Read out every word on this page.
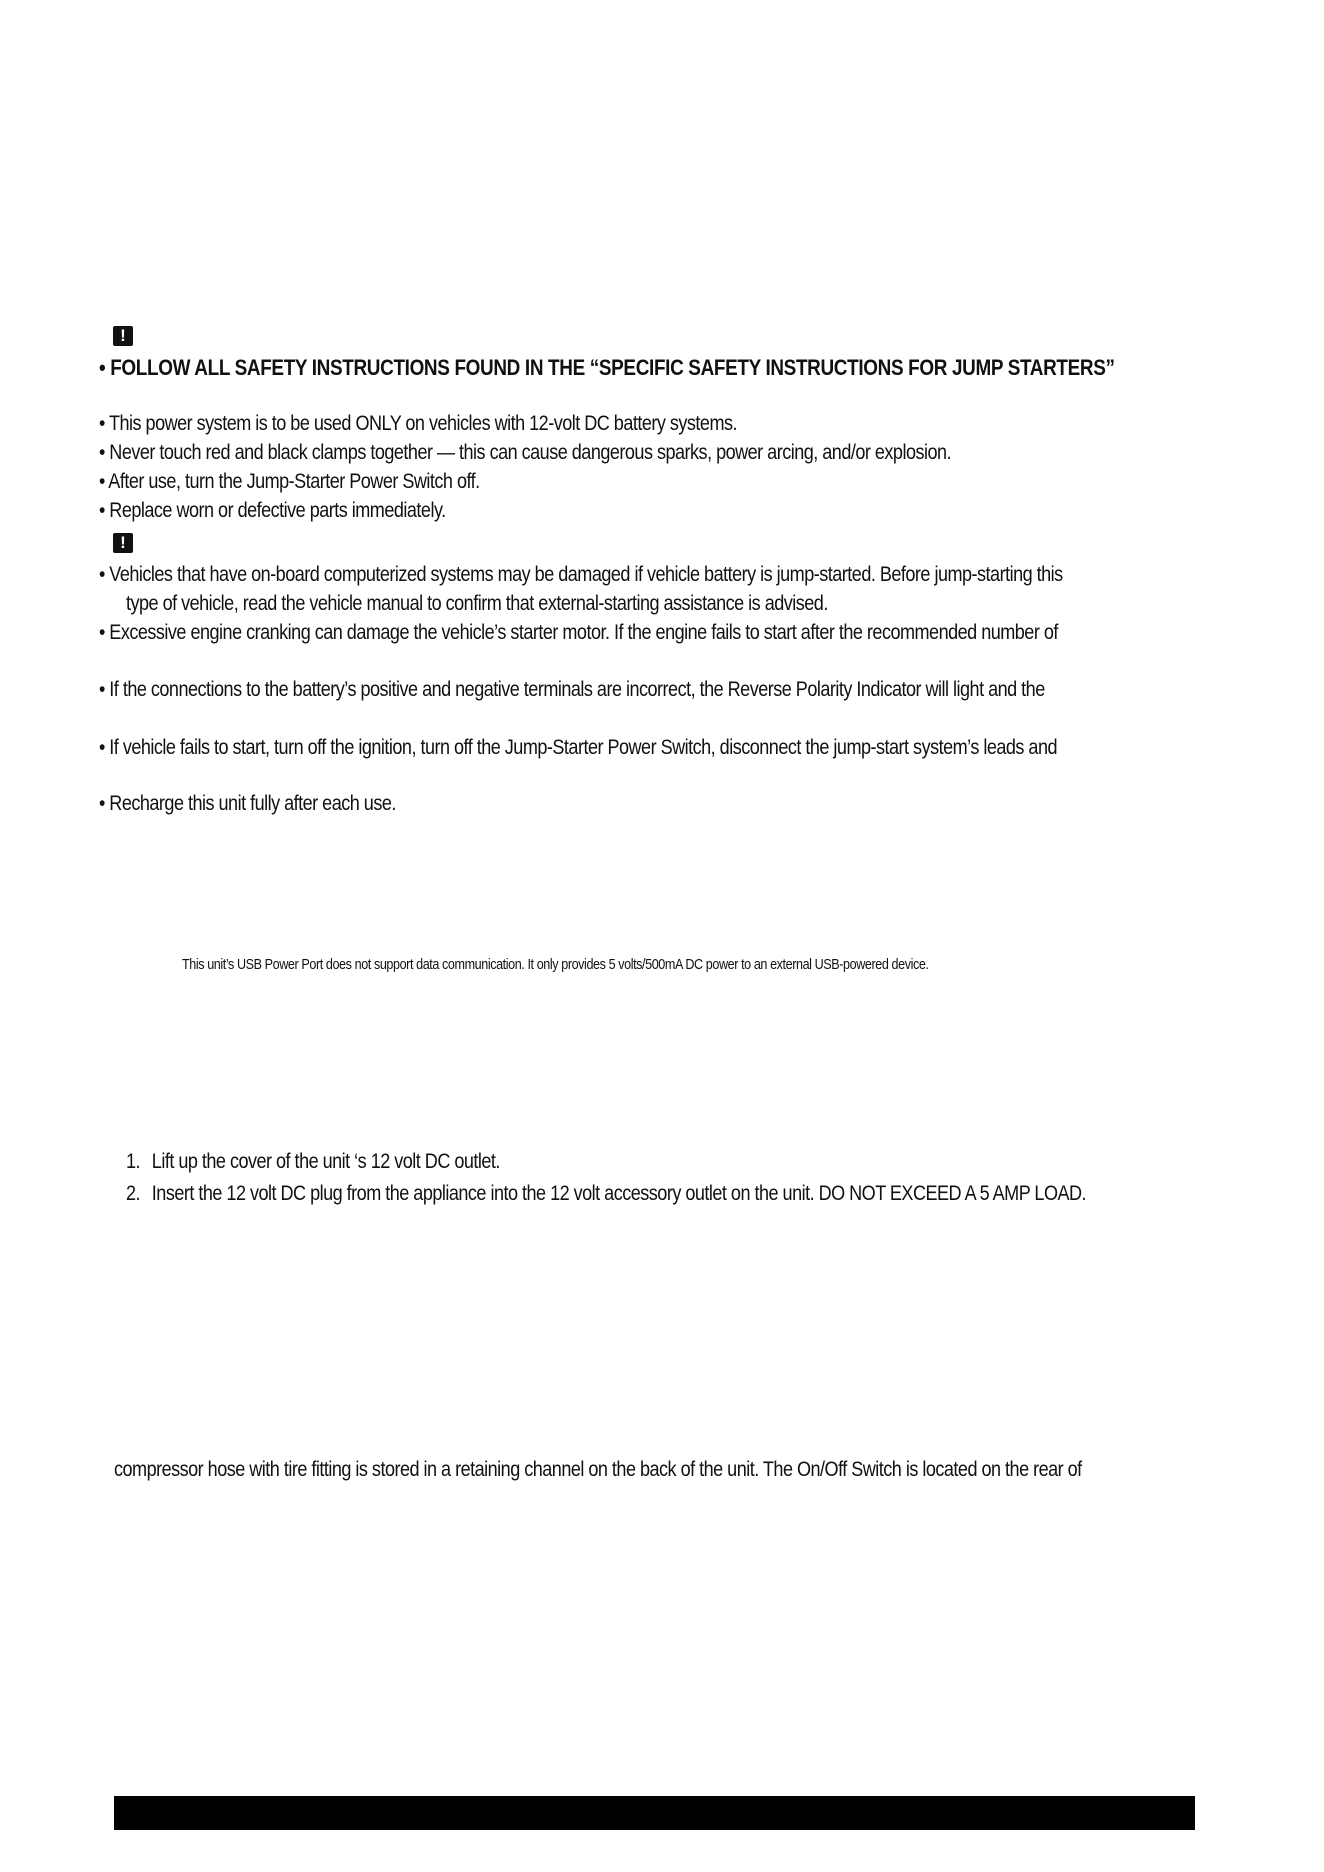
!
• FOLLOW ALL SAFETY INSTRUCTIONS FOUND IN THE “SPECIFIC SAFETY INSTRUCTIONS FOR JUMP STARTERS”
• This power system is to be used ONLY on vehicles with 12-volt DC battery systems.
• Never touch red and black clamps together — this can cause dangerous sparks, power arcing, and/or explosion.
• After use, turn the Jump-Starter Power Switch off.
• Replace worn or defective parts immediately.
!
• Vehicles that have on-board computerized systems may be damaged if vehicle battery is jump-started. Before jump-starting this
type of vehicle, read the vehicle manual to confirm that external-starting assistance is advised.
• Excessive engine cranking can damage the vehicle’s starter motor. If the engine fails to start after the recommended number of
• If the connections to the battery’s positive and negative terminals are incorrect, the Reverse Polarity Indicator will light and the
• If vehicle fails to start, turn off the ignition, turn off the Jump-Starter Power Switch, disconnect the jump-start system’s leads and
• Recharge this unit fully after each use.
This unit’s USB Power Port does not support data communication. It only provides 5 volts/500mA DC power to an external USB-powered device.
1. Lift up the cover of the unit ‘s 12 volt DC outlet.
2. Insert the 12 volt DC plug from the appliance into the 12 volt accessory outlet on the unit. DO NOT EXCEED A 5 AMP LOAD.
compressor hose with tire fitting is stored in a retaining channel on the back of the unit. The On/Off Switch is located on the rear of
